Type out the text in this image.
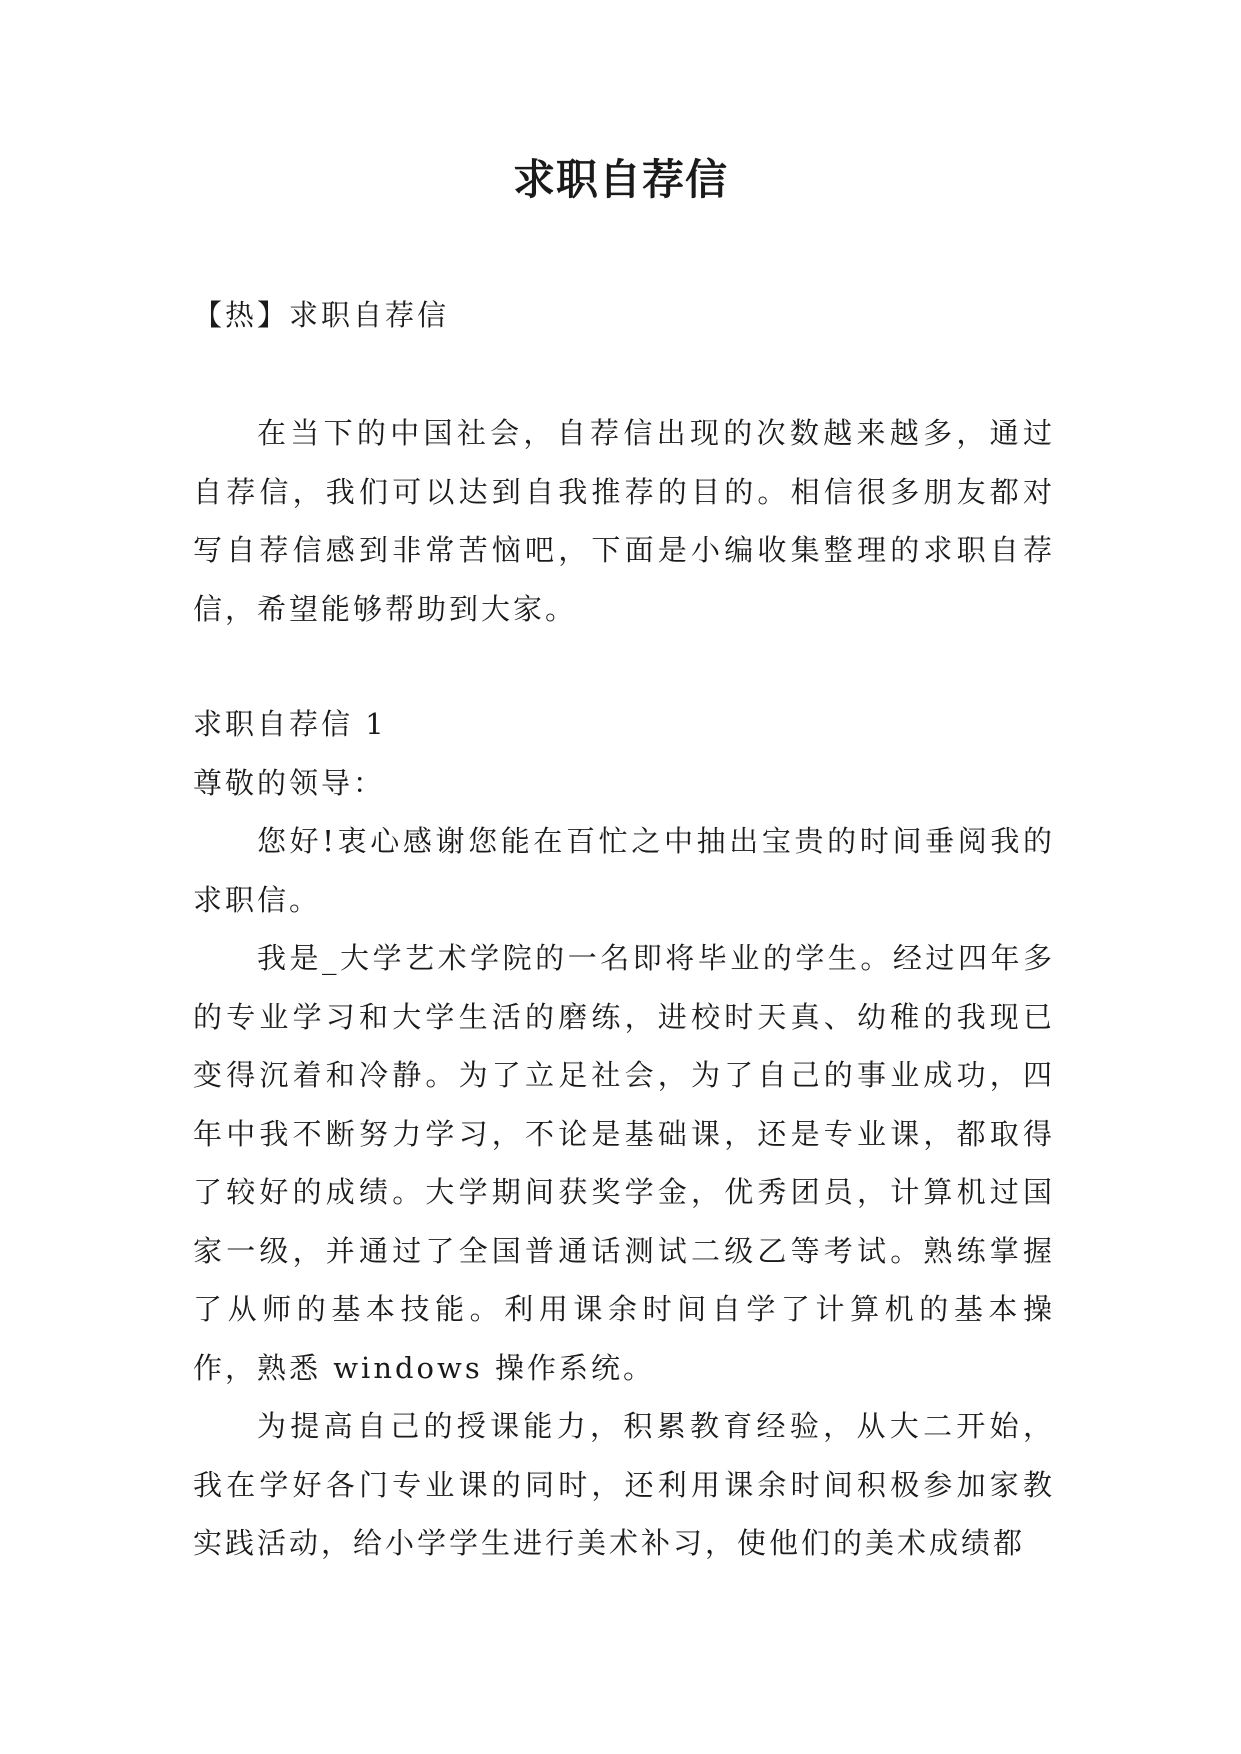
求职自荐信

【热】求职自荐信

在当下的中国社会，自荐信出现的次数越来越多，通过自荐信，我们可以达到自我推荐的目的。相信很多朋友都对写自荐信感到非常苦恼吧，下面是小编收集整理的求职自荐信，希望能够帮助到大家。

求职自荐信 1

尊敬的领导：

您好!衷心感谢您能在百忙之中抽出宝贵的时间垂阅我的求职信。

我是_大学艺术学院的一名即将毕业的学生。经过四年多的专业学习和大学生活的磨练，进校时天真、幼稚的我现已变得沉着和冷静。为了立足社会，为了自己的事业成功，四年中我不断努力学习，不论是基础课，还是专业课，都取得了较好的成绩。大学期间获奖学金，优秀团员，计算机过国家一级，并通过了全国普通话测试二级乙等考试。熟练掌握了从师的基本技能。利用课余时间自学了计算机的基本操作，熟悉 windows 操作系统。

为提高自己的授课能力，积累教育经验，从大二开始，我在学好各门专业课的同时，还利用课余时间积极参加家教实践活动，给小学学生进行美术补习，使他们的美术成绩都
